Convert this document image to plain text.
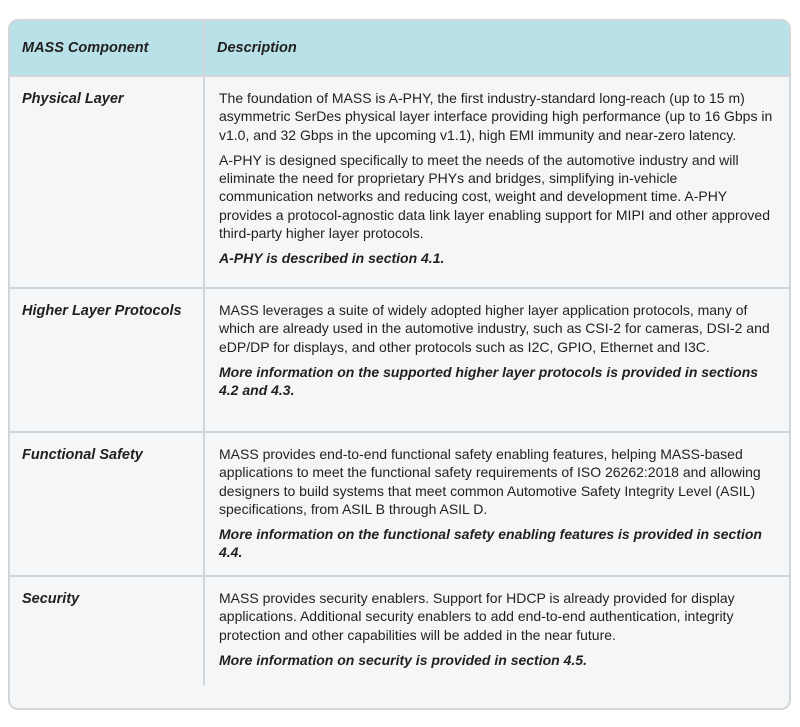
MASS Component	Description
Physical Layer	The foundation of MASS is A-PHY, the first industry-standard long-reach (up to 15 m) asymmetric SerDes physical layer interface providing high performance (up to 16 Gbps in v1.0, and 32 Gbps in the upcoming v1.1), high EMI immunity and near-zero latency.

A-PHY is designed specifically to meet the needs of the automotive industry and will eliminate the need for proprietary PHYs and bridges, simplifying in-vehicle communication networks and reducing cost, weight and development time. A-PHY provides a protocol-agnostic data link layer enabling support for MIPI and other approved third-party higher layer protocols.

A-PHY is described in section 4.1.

Higher Layer Protocols	MASS leverages a suite of widely adopted higher layer application protocols, many of which are already used in the automotive industry, such as CSI-2 for cameras, DSI-2 and eDP/DP for displays, and other protocols such as I2C, GPIO, Ethernet and I3C.

More information on the supported higher layer protocols is provided in sections 4.2 and 4.3.

Functional Safety	MASS provides end-to-end functional safety enabling features, helping MASS-based applications to meet the functional safety requirements of ISO 26262:2018 and allowing designers to build systems that meet common Automotive Safety Integrity Level (ASIL) specifications, from ASIL B through ASIL D.

More information on the functional safety enabling features is provided in section 4.4.

Security	MASS provides security enablers. Support for HDCP is already provided for display applications. Additional security enablers to add end-to-end authentication, integrity protection and other capabilities will be added in the near future.

More information on security is provided in section 4.5.
